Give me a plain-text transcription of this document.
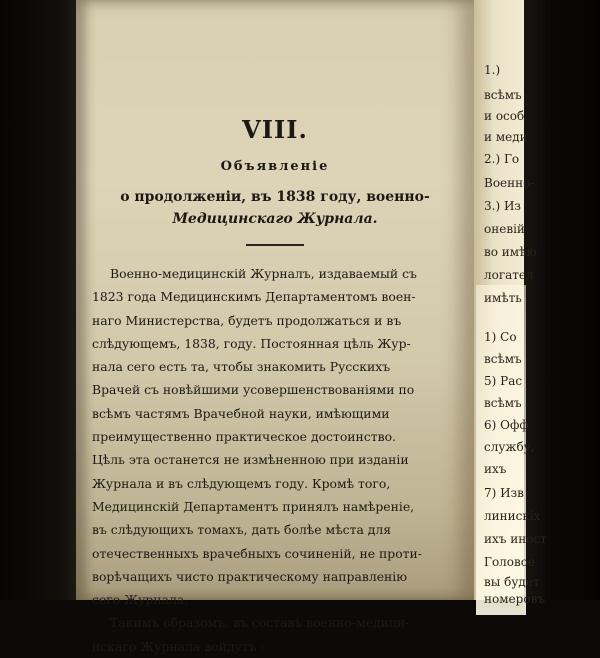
VIII.
Объявленіе
о продолженіи, въ 1838 году, военно-
Медицинскаго Журнала.
Военно-медицинскій Журналъ, издаваемый съ
1823 года Медицинскимъ Департаментомъ воен-
наго Министерства, будетъ продолжаться и въ
слѣдующемъ, 1838, году. Постоянная цѣль Жур-
нала сего есть та, чтобы знакомить Русскихъ
Врачей съ новѣйшими усовершенствованіями по
всѣмъ частямъ Врачебной науки, имѣющими
преимущественно практическое достоинство.
Цѣль эта останется не измѣненною при изданіи
Журнала и въ слѣдующемъ году. Кромѣ того,
Медицинскій Департаментъ принялъ намѣреніе,
въ слѣдующихъ томахъ, дать болѣе мѣста для
отечественныхъ врачебныхъ сочиненій, не проти-
ворѣчащихъ чисто практическому направленію
сего Журнала.
Такимъ образомъ, въ составъ военно-медици-
нскаго Журнала войдутъ :
1.)
всѣмъ
и особ.
и меди
2.) Го
Военно-
3.) Из
оневій
во имѣю
логател
имѣть
1) Со
всѣмъ
5) Рас
всѣмъ
6) Офф
службу,
ихъ
7) Изв
линискіх
ихъ иност
Головое
вы будет
номеровъ
